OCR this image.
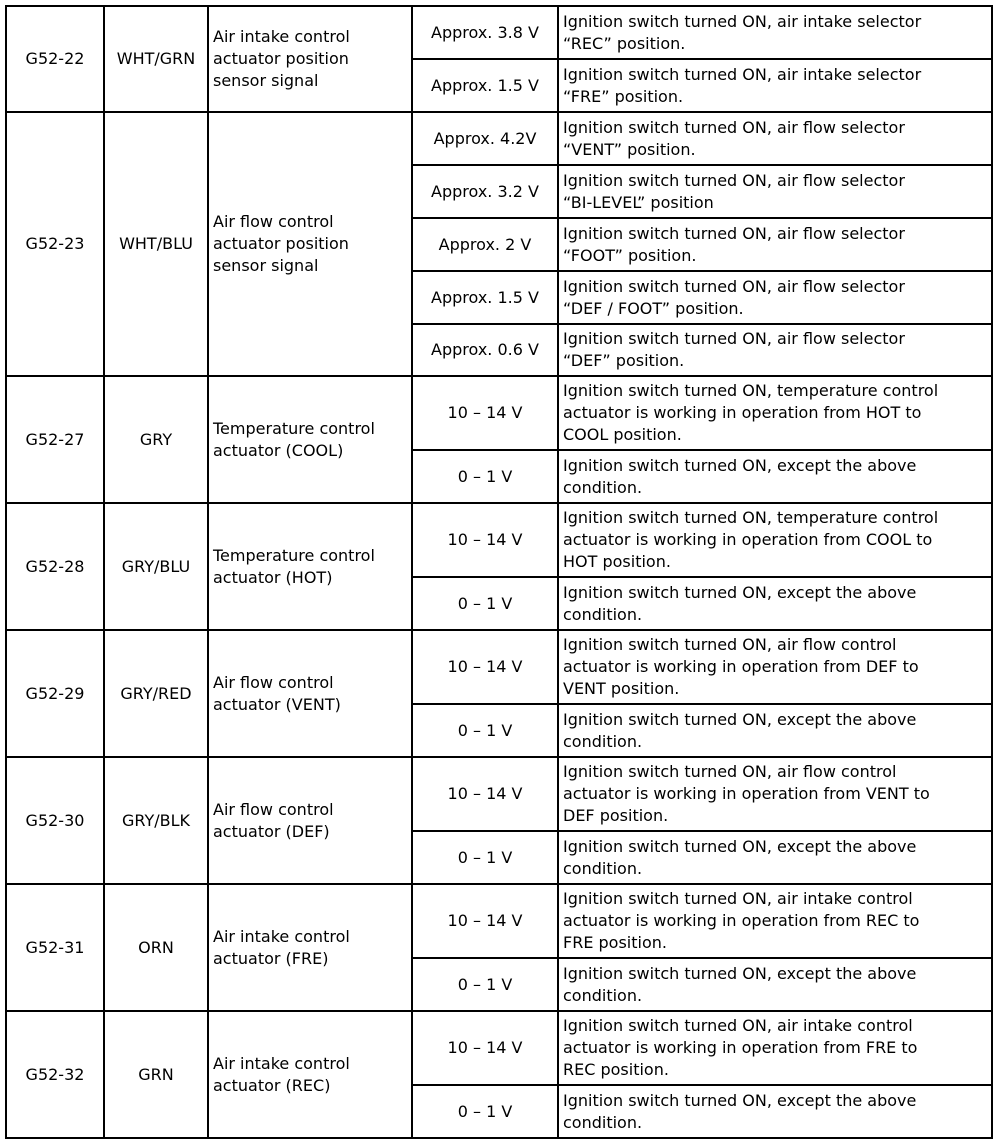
G52-22	WHT/GRN	Air intake control
actuator position
sensor signal	Approx. 3.8 V	Ignition switch turned ON, air intake selector
“REC” position.
			Approx. 1.5 V	Ignition switch turned ON, air intake selector
“FRE” position.
G52-23	WHT/BLU	Air flow control
actuator position
sensor signal	Approx. 4.2V	Ignition switch turned ON, air flow selector
“VENT” position.
			Approx. 3.2 V	Ignition switch turned ON, air flow selector
“BI-LEVEL” position
			Approx. 2 V	Ignition switch turned ON, air flow selector
“FOOT” position.
			Approx. 1.5 V	Ignition switch turned ON, air flow selector
“DEF / FOOT” position.
			Approx. 0.6 V	Ignition switch turned ON, air flow selector
“DEF” position.
G52-27	GRY	Temperature control
actuator (COOL)	10 – 14 V	Ignition switch turned ON, temperature control
actuator is working in operation from HOT to
COOL position.
			0 – 1 V	Ignition switch turned ON, except the above
condition.
G52-28	GRY/BLU	Temperature control
actuator (HOT)	10 – 14 V	Ignition switch turned ON, temperature control
actuator is working in operation from COOL to
HOT position.
			0 – 1 V	Ignition switch turned ON, except the above
condition.
G52-29	GRY/RED	Air flow control
actuator (VENT)	10 – 14 V	Ignition switch turned ON, air flow control
actuator is working in operation from DEF to
VENT position.
			0 – 1 V	Ignition switch turned ON, except the above
condition.
G52-30	GRY/BLK	Air flow control
actuator (DEF)	10 – 14 V	Ignition switch turned ON, air flow control
actuator is working in operation from VENT to
DEF position.
			0 – 1 V	Ignition switch turned ON, except the above
condition.
G52-31	ORN	Air intake control
actuator (FRE)	10 – 14 V	Ignition switch turned ON, air intake control
actuator is working in operation from REC to
FRE position.
			0 – 1 V	Ignition switch turned ON, except the above
condition.
G52-32	GRN	Air intake control
actuator (REC)	10 – 14 V	Ignition switch turned ON, air intake control
actuator is working in operation from FRE to
REC position.
			0 – 1 V	Ignition switch turned ON, except the above
condition.
